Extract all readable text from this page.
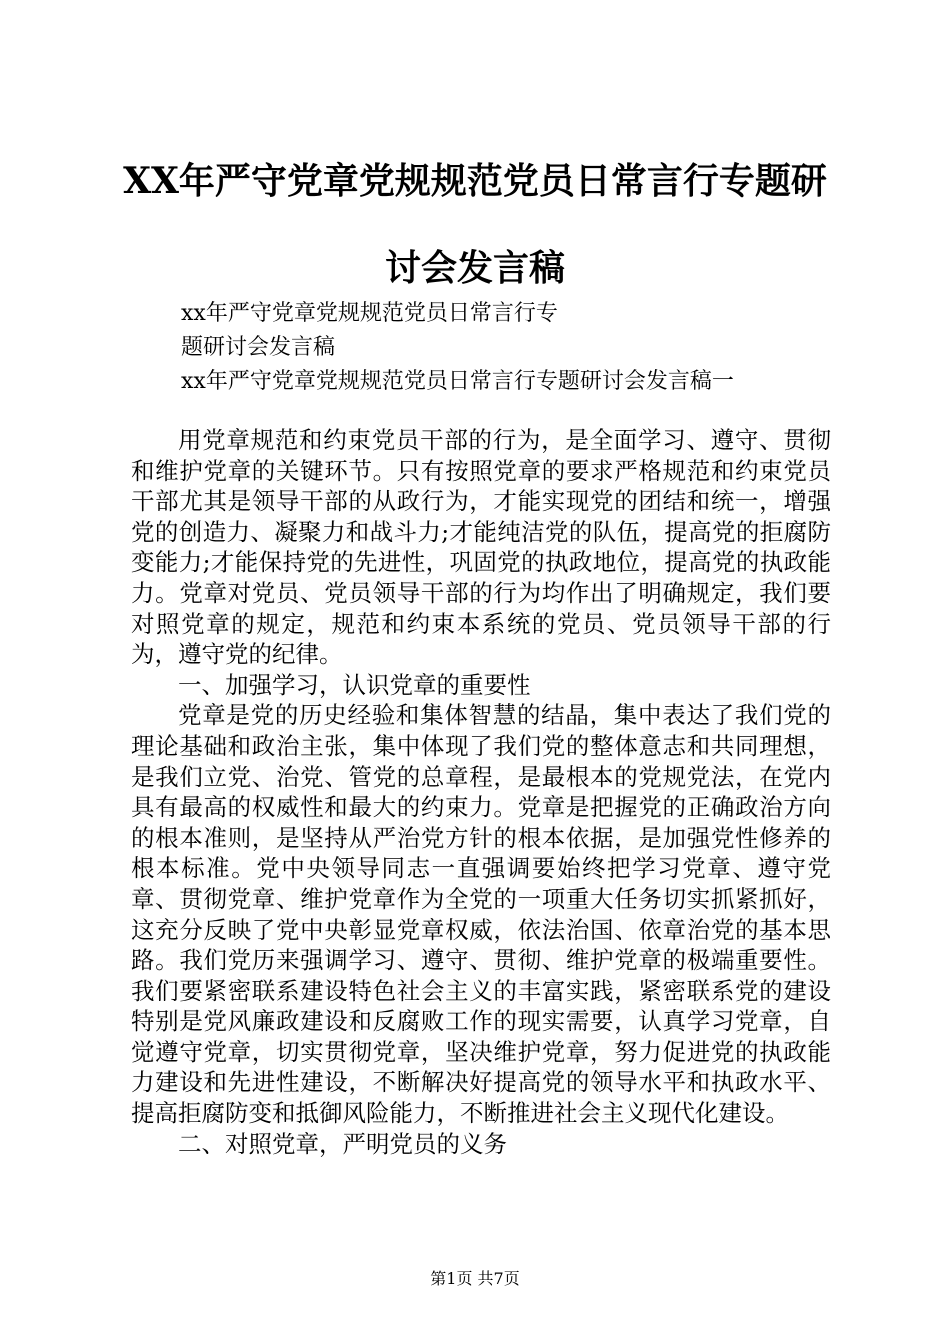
XX年严守党章党规规范党员日常言行专题研
讨会发言稿
xx年严守党章党规规范党员日常言行专
题研讨会发言稿
xx年严守党章党规规范党员日常言行专题研讨会发言稿一

用党章规范和约束党员干部的行为，是全面学习、遵守、贯彻和维护党章的关键环节。只有按照党章的要求严格规范和约束党员干部尤其是领导干部的从政行为，才能实现党的团结和统一，增强党的创造力、凝聚力和战斗力;才能纯洁党的队伍，提高党的拒腐防变能力;才能保持党的先进性，巩固党的执政地位，提高党的执政能力。党章对党员、党员领导干部的行为均作出了明确规定，我们要对照党章的规定，规范和约束本系统的党员、党员领导干部的行为，遵守党的纪律。

一、加强学习，认识党章的重要性

党章是党的历史经验和集体智慧的结晶，集中表达了我们党的理论基础和政治主张，集中体现了我们党的整体意志和共同理想，是我们立党、治党、管党的总章程，是最根本的党规党法，在党内具有最高的权威性和最大的约束力。党章是把握党的正确政治方向的根本准则，是坚持从严治党方针的根本依据，是加强党性修养的根本标准。党中央领导同志一直强调要始终把学习党章、遵守党章、贯彻党章、维护党章作为全党的一项重大任务切实抓紧抓好，这充分反映了党中央彰显党章权威，依法治国、依章治党的基本思路。我们党历来强调学习、遵守、贯彻、维护党章的极端重要性。我们要紧密联系建设特色社会主义的丰富实践，紧密联系党的建设特别是党风廉政建设和反腐败工作的现实需要，认真学习党章，自觉遵守党章，切实贯彻党章，坚决维护党章，努力促进党的执政能力建设和先进性建设，不断解决好提高党的领导水平和执政水平、提高拒腐防变和抵御风险能力，不断推进社会主义现代化建设。

二、对照党章，严明党员的义务

第1页 共7页
